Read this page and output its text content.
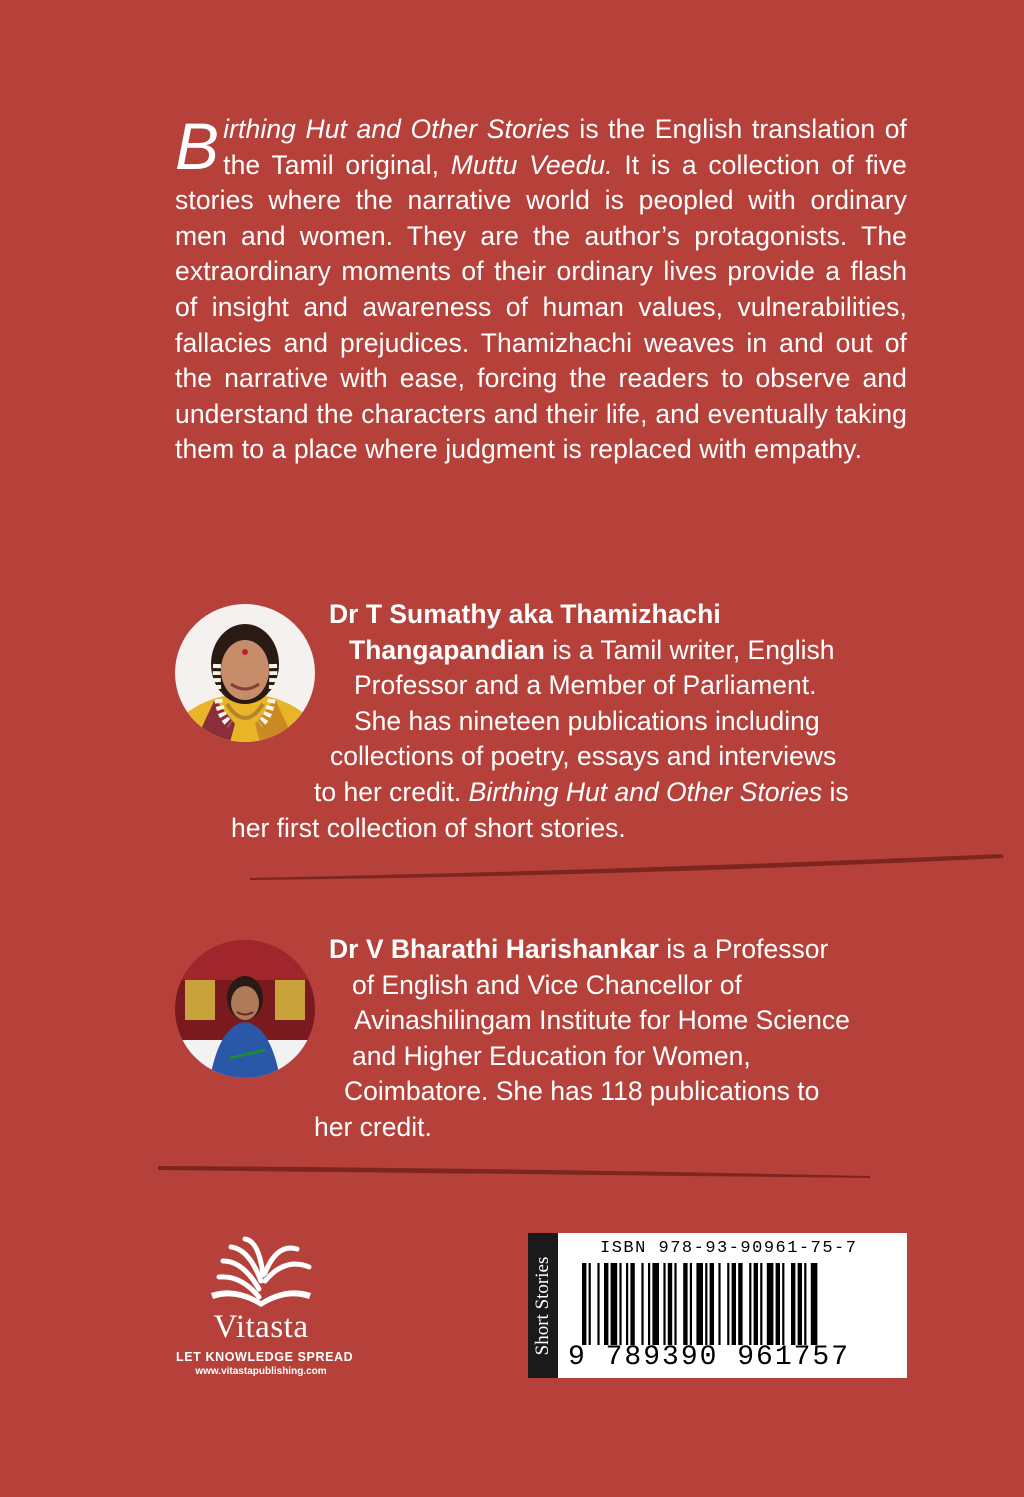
Birthing Hut and Other Stories is the English translation of the Tamil original, Muttu Veedu. It is a collection of five stories where the narrative world is peopled with ordinary men and women. They are the author’s protagonists. The extraordinary moments of their ordinary lives provide a flash of insight and awareness of human values, vulnerabilities, fallacies and prejudices. Thamizhachi weaves in and out of the narrative with ease, forcing the readers to observe and understand the characters and their life, and eventually taking them to a place where judgment is replaced with empathy.
Dr T Sumathy aka Thamizhachi
Thangapandian is a Tamil writer, English
Professor and a Member of Parliament.
She has nineteen publications including
collections of poetry, essays and interviews
to her credit. Birthing Hut and Other Stories is
her first collection of short stories.
Dr V Bharathi Harishankar is a Professor
of English and Vice Chancellor of
Avinashilingam Institute for Home Science
and Higher Education for Women,
Coimbatore. She has 118 publications to
her credit.
Vitasta
LET KNOWLEDGE SPREAD
www.vitastapublishing.com
Short Stories
ISBN 978-93-90961-75-7
9 789390 961757
